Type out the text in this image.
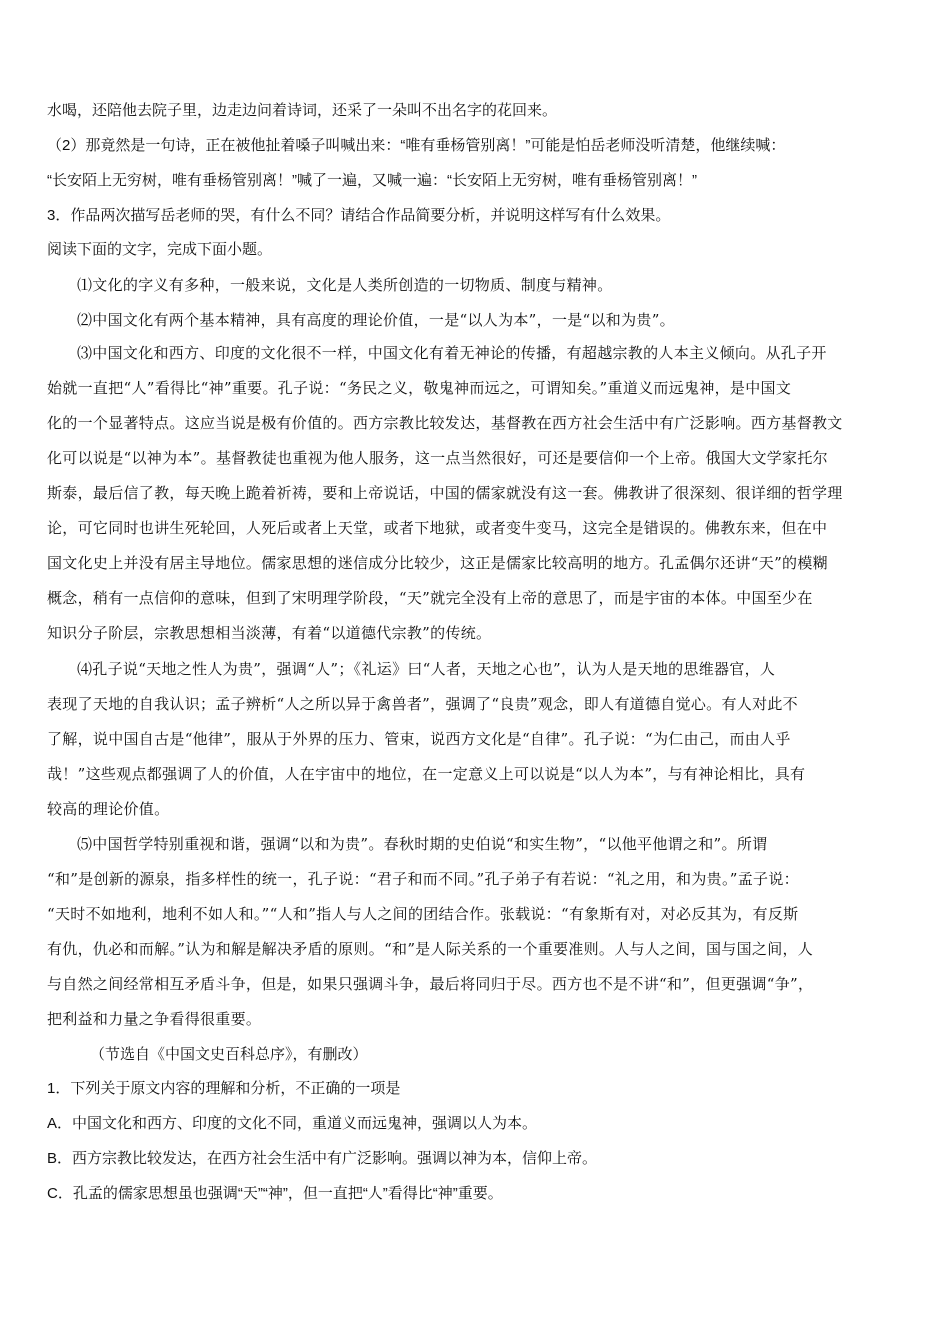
水喝，还陪他去院子里，边走边问着诗词，还采了一朵叫不出名字的花回来。
（2）那竟然是一句诗，正在被他扯着嗓子叫喊出来：“唯有垂杨管别离！”可能是怕岳老师没听清楚，他继续喊：
“长安陌上无穷树，唯有垂杨管别离！”喊了一遍，又喊一遍：“长安陌上无穷树，唯有垂杨管别离！”
3．作品两次描写岳老师的哭，有什么不同？请结合作品简要分析，并说明这样写有什么效果。
阅读下面的文字，完成下面小题。
⑴文化的字义有多种，一般来说，文化是人类所创造的一切物质、制度与精神。
⑵中国文化有两个基本精神，具有高度的理论价值，一是“以人为本”，一是“以和为贵”。
⑶中国文化和西方、印度的文化很不一样，中国文化有着无神论的传播，有超越宗教的人本主义倾向。从孔子开
始就一直把“人”看得比“神”重要。孔子说：“务民之义，敬鬼神而远之，可谓知矣。”重道义而远鬼神，是中国文
化的一个显著特点。这应当说是极有价值的。西方宗教比较发达，基督教在西方社会生活中有广泛影响。西方基督教文
化可以说是“以神为本”。基督教徒也重视为他人服务，这一点当然很好，可还是要信仰一个上帝。俄国大文学家托尔
斯泰，最后信了教，每天晚上跪着祈祷，要和上帝说话，中国的儒家就没有这一套。佛教讲了很深刻、很详细的哲学理
论，可它同时也讲生死轮回，人死后或者上天堂，或者下地狱，或者变牛变马，这完全是错误的。佛教东来，但在中
国文化史上并没有居主导地位。儒家思想的迷信成分比较少，这正是儒家比较高明的地方。孔孟偶尔还讲“天”的模糊
概念，稍有一点信仰的意味，但到了宋明理学阶段，“天”就完全没有上帝的意思了，而是宇宙的本体。中国至少在
知识分子阶层，宗教思想相当淡薄，有着“以道德代宗教”的传统。
⑷孔子说“天地之性人为贵”，强调“人”；《礼运》曰“人者，天地之心也”，认为人是天地的思维器官，人
表现了天地的自我认识；孟子辨析“人之所以异于禽兽者”，强调了“良贵”观念，即人有道德自觉心。有人对此不
了解，说中国自古是“他律”，服从于外界的压力、管束，说西方文化是“自律”。孔子说：“为仁由己，而由人乎
哉！”这些观点都强调了人的价值，人在宇宙中的地位，在一定意义上可以说是“以人为本”，与有神论相比，具有
较高的理论价值。
⑸中国哲学特别重视和谐，强调“以和为贵”。春秋时期的史伯说“和实生物”，“以他平他谓之和”。所谓
“和”是创新的源泉，指多样性的统一，孔子说：“君子和而不同。”孔子弟子有若说：“礼之用，和为贵。”孟子说：
“天时不如地利，地利不如人和。”“人和”指人与人之间的团结合作。张载说：“有象斯有对，对必反其为，有反斯
有仇，仇必和而解。”认为和解是解决矛盾的原则。“和”是人际关系的一个重要准则。人与人之间，国与国之间，人
与自然之间经常相互矛盾斗争，但是，如果只强调斗争，最后将同归于尽。西方也不是不讲“和”，但更强调“争”，
把利益和力量之争看得很重要。
（节选自《中国文史百科总序》，有删改）
1．下列关于原文内容的理解和分析，不正确的一项是
A．中国文化和西方、印度的文化不同，重道义而远鬼神，强调以人为本。
B．西方宗教比较发达，在西方社会生活中有广泛影响。强调以神为本，信仰上帝。
C．孔孟的儒家思想虽也强调“天”“神”，但一直把“人”看得比“神”重要。
